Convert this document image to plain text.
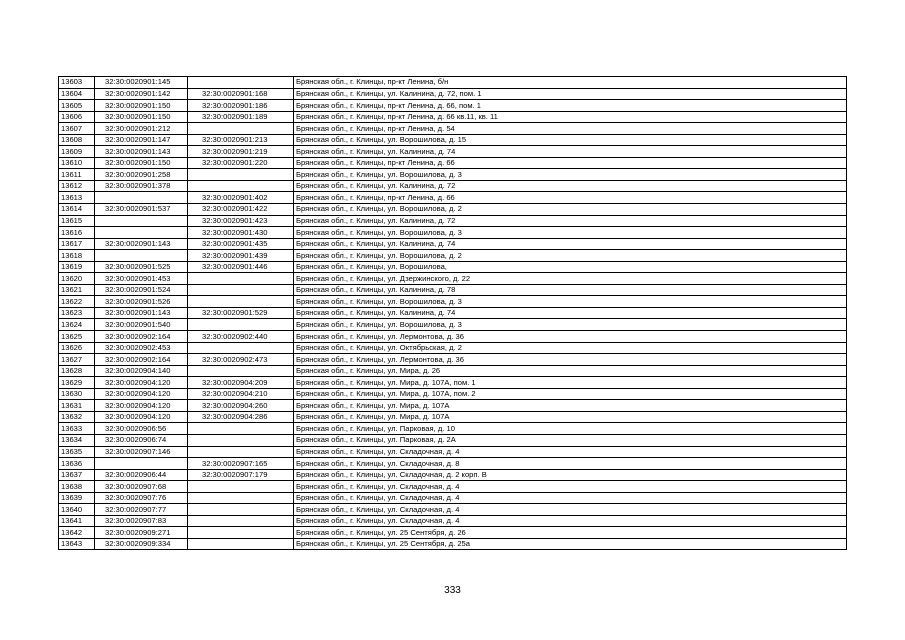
13603	32:30:0020901:145		Брянская обл., г. Клинцы, пр-кт Ленина, б/н
13604	32:30:0020901:142	32:30:0020901:168	Брянская обл., г. Клинцы, ул. Калинина, д. 72, пом. 1
13605	32:30:0020901:150	32:30:0020901:186	Брянская обл., г. Клинцы, пр-кт Ленина, д. 66, пом. 1
13606	32:30:0020901:150	32:30:0020901:189	Брянская обл., г. Клинцы, пр-кт Ленина, д. 66 кв.11, кв. 11
13607	32:30:0020901:212		Брянская обл., г. Клинцы, пр-кт Ленина, д. 54
13608	32:30:0020901:147	32:30:0020901:213	Брянская обл., г. Клинцы, ул. Ворошилова, д. 15
13609	32:30:0020901:143	32:30:0020901:219	Брянская обл., г. Клинцы, ул. Калинина, д. 74
13610	32:30:0020901:150	32:30:0020901:220	Брянская обл., г. Клинцы, пр-кт Ленина, д. 66
13611	32:30:0020901:258		Брянская обл., г. Клинцы, ул. Ворошилова, д. 3
13612	32:30:0020901:378		Брянская обл., г. Клинцы, ул. Калинина, д. 72
13613		32:30:0020901:402	Брянская обл., г. Клинцы, пр-кт Ленина, д. 66
13614	32:30:0020901:537	32:30:0020901:422	Брянская обл., г. Клинцы, ул. Ворошилова, д. 2
13615		32:30:0020901:423	Брянская обл., г. Клинцы, ул. Калинина, д. 72
13616		32:30:0020901:430	Брянская обл., г. Клинцы, ул. Ворошилова, д. 3
13617	32:30:0020901:143	32:30:0020901:435	Брянская обл., г. Клинцы, ул. Калинина, д. 74
13618		32:30:0020901:439	Брянская обл., г. Клинцы, ул. Ворошилова, д. 2
13619	32:30:0020901:525	32:30:0020901:446	Брянская обл., г. Клинцы, ул. Ворошилова,
13620	32:30:0020901:453		Брянская обл., г. Клинцы, ул. Дзержинского, д. 22
13621	32:30:0020901:524		Брянская обл., г. Клинцы, ул. Калинина, д. 78
13622	32:30:0020901:526		Брянская обл., г. Клинцы, ул. Ворошилова, д. 3
13623	32:30:0020901:143	32:30:0020901:529	Брянская обл., г. Клинцы, ул. Калинина, д. 74
13624	32:30:0020901:540		Брянская обл., г. Клинцы, ул. Ворошилова, д. 3
13625	32:30:0020902:164	32:30:0020902:440	Брянская обл., г. Клинцы, ул. Лермонтова, д. 36
13626	32:30:0020902:453		Брянская обл., г. Клинцы, ул. Октябрьская, д. 2
13627	32:30:0020902:164	32:30:0020902:473	Брянская обл., г. Клинцы, ул. Лермонтова, д. 36
13628	32:30:0020904:140		Брянская обл., г. Клинцы, ул. Мира, д. 26
13629	32:30:0020904:120	32:30:0020904:209	Брянская обл., г. Клинцы, ул. Мира, д. 107А, пом. 1
13630	32:30:0020904:120	32:30:0020904:210	Брянская обл., г. Клинцы, ул. Мира, д. 107А, пом. 2
13631	32:30:0020904:120	32:30:0020904:260	Брянская обл., г. Клинцы, ул. Мира, д. 107А
13632	32:30:0020904:120	32:30:0020904:286	Брянская обл., г. Клинцы, ул. Мира, д. 107А
13633	32:30:0020906:56		Брянская обл., г. Клинцы, ул. Парковая, д. 10
13634	32:30:0020906:74		Брянская обл., г. Клинцы, ул. Парковая, д. 2А
13635	32:30:0020907:146		Брянская обл., г. Клинцы, ул. Складочная, д. 4
13636		32:30:0020907:165	Брянская обл., г. Клинцы, ул. Складочная, д. 8
13637	32:30:0020906:44	32:30:0020907:179	Брянская обл., г. Клинцы, ул. Складочная, д. 2 корп. В
13638	32:30:0020907:68		Брянская обл., г. Клинцы, ул. Складочная, д. 4
13639	32:30:0020907:76		Брянская обл., г. Клинцы, ул. Складочная, д. 4
13640	32:30:0020907:77		Брянская обл., г. Клинцы, ул. Складочная, д. 4
13641	32:30:0020907:83		Брянская обл., г. Клинцы, ул. Складочная, д. 4
13642	32:30:0020909:271		Брянская обл., г. Клинцы, ул. 25 Сентября, д. 26
13643	32:30:0020909:334		Брянская обл., г. Клинцы, ул. 25 Сентября, д. 25а
333
